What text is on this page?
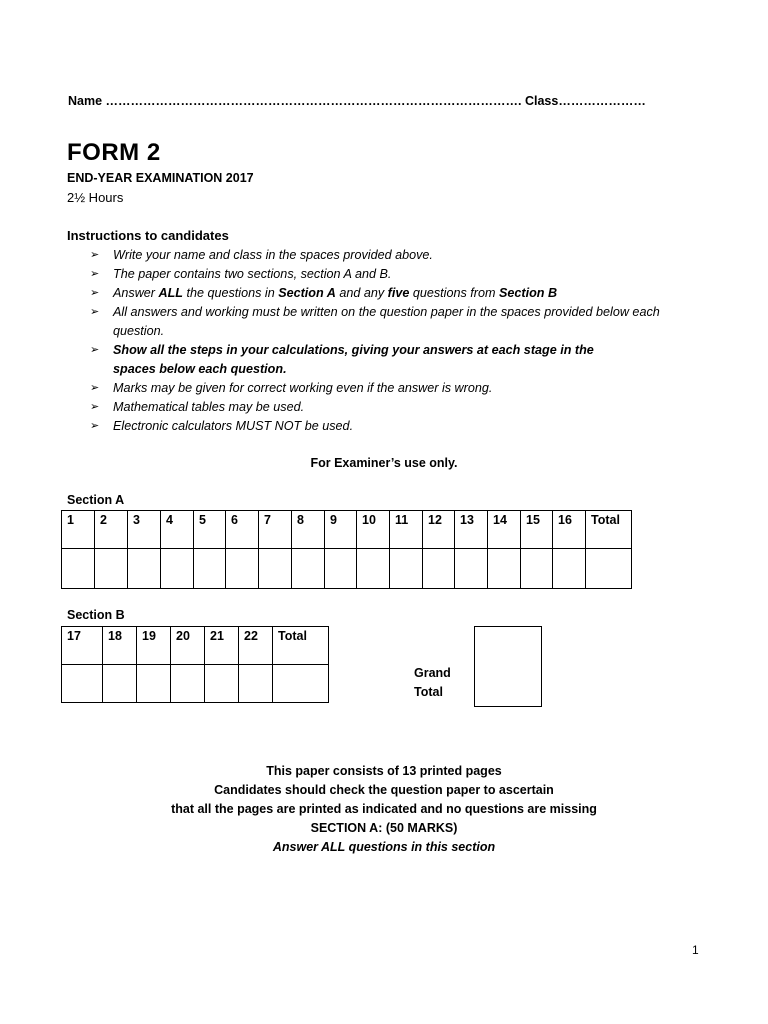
Name ………………………………………………………………………………………. Class…………………
FORM 2
END-YEAR EXAMINATION 2017
2½ Hours
Instructions to candidates
➢ Write your name and class in the spaces provided above.
➢ The paper contains two sections, section A and B.
➢ Answer ALL the questions in Section A and any five questions from Section B
➢ All answers and working must be written on the question paper in the spaces provided below each question.
➢ Show all the steps in your calculations, giving your answers at each stage in the spaces below each question.
➢ Marks may be given for correct working even if the answer is wrong.
➢ Mathematical tables may be used.
➢ Electronic calculators MUST NOT be used.
For Examiner’s use only.
Section A
1	2	3	4	5	6	7	8	9	10	11	12	13	14	15	16	Total

Section B
17	18	19	20	21	22	Total

Grand
Total
This paper consists of 13 printed pages
Candidates should check the question paper to ascertain
that all the pages are printed as indicated and no questions are missing
SECTION A: (50 MARKS)
Answer ALL questions in this section
1
